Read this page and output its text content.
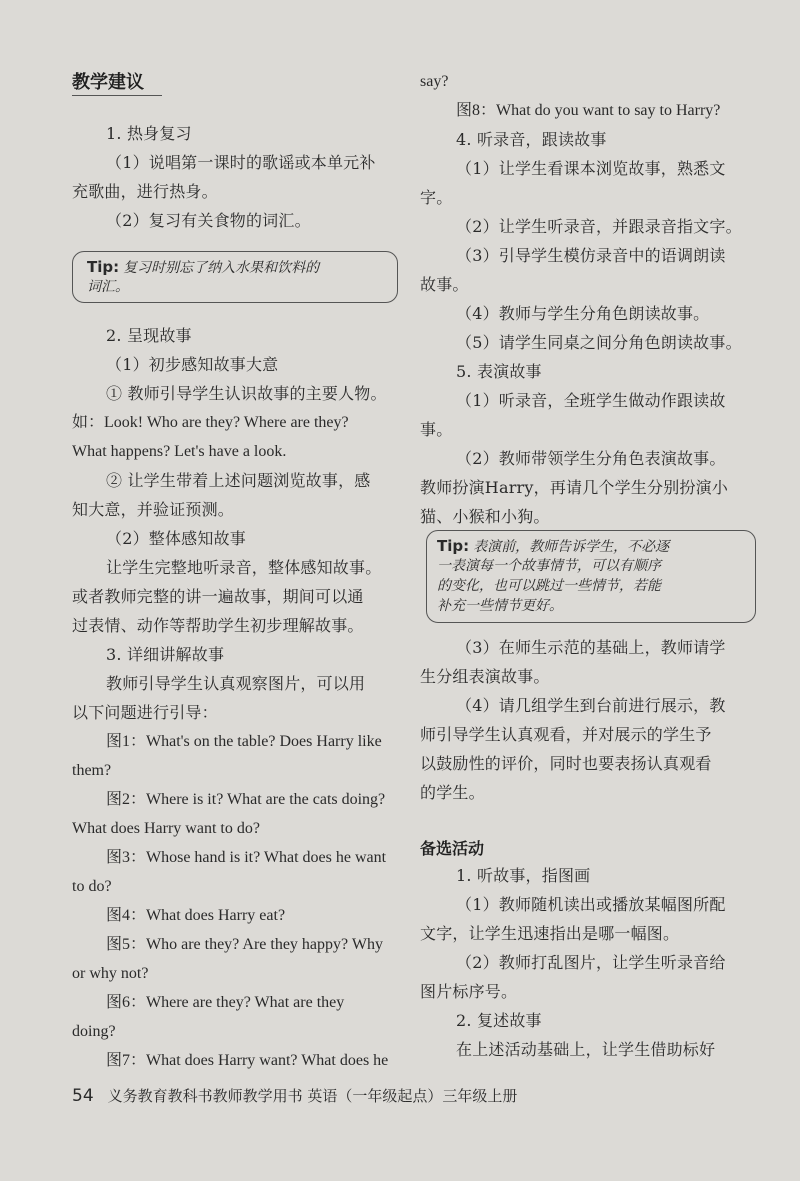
教学建议
1. 热身复习
（1）说唱第一课时的歌谣或本单元补
充歌曲，进行热身。
（2）复习有关食物的词汇。
Tip: 复习时别忘了纳入水果和饮料的
词汇。
2. 呈现故事
（1）初步感知故事大意
① 教师引导学生认识故事的主要人物。
如：Look! Who are they? Where are they?
What happens? Let's have a look.
② 让学生带着上述问题浏览故事，感
知大意，并验证预测。
（2）整体感知故事
让学生完整地听录音，整体感知故事。
或者教师完整的讲一遍故事，期间可以通
过表情、动作等帮助学生初步理解故事。
3. 详细讲解故事
教师引导学生认真观察图片，可以用
以下问题进行引导：
图1：What's on the table? Does Harry like
them?
图2：Where is it? What are the cats doing?
What does Harry want to do?
图3：Whose hand is it? What does he want
to do?
图4：What does Harry eat?
图5：Who are they? Are they happy? Why
or why not?
图6：Where are they? What are they
doing?
图7：What does Harry want? What does he
say?
图8：What do you want to say to Harry?
4. 听录音，跟读故事
（1）让学生看课本浏览故事，熟悉文
字。
（2）让学生听录音，并跟录音指文字。
（3）引导学生模仿录音中的语调朗读
故事。
（4）教师与学生分角色朗读故事。
（5）请学生同桌之间分角色朗读故事。
5. 表演故事
（1）听录音，全班学生做动作跟读故
事。
（2）教师带领学生分角色表演故事。
教师扮演Harry，再请几个学生分别扮演小
猫、小猴和小狗。
Tip: 表演前，教师告诉学生，不必逐
一表演每一个故事情节，可以有顺序
的变化，也可以跳过一些情节，若能
补充一些情节更好。
（3）在师生示范的基础上，教师请学
生分组表演故事。
（4）请几组学生到台前进行展示，教
师引导学生认真观看，并对展示的学生予
以鼓励性的评价，同时也要表扬认真观看
的学生。
备选活动
1. 听故事，指图画
（1）教师随机读出或播放某幅图所配
文字，让学生迅速指出是哪一幅图。
（2）教师打乱图片，让学生听录音给
图片标序号。
2. 复述故事
在上述活动基础上，让学生借助标好
54 义务教育教科书教师教学用书 英语（一年级起点）三年级上册
